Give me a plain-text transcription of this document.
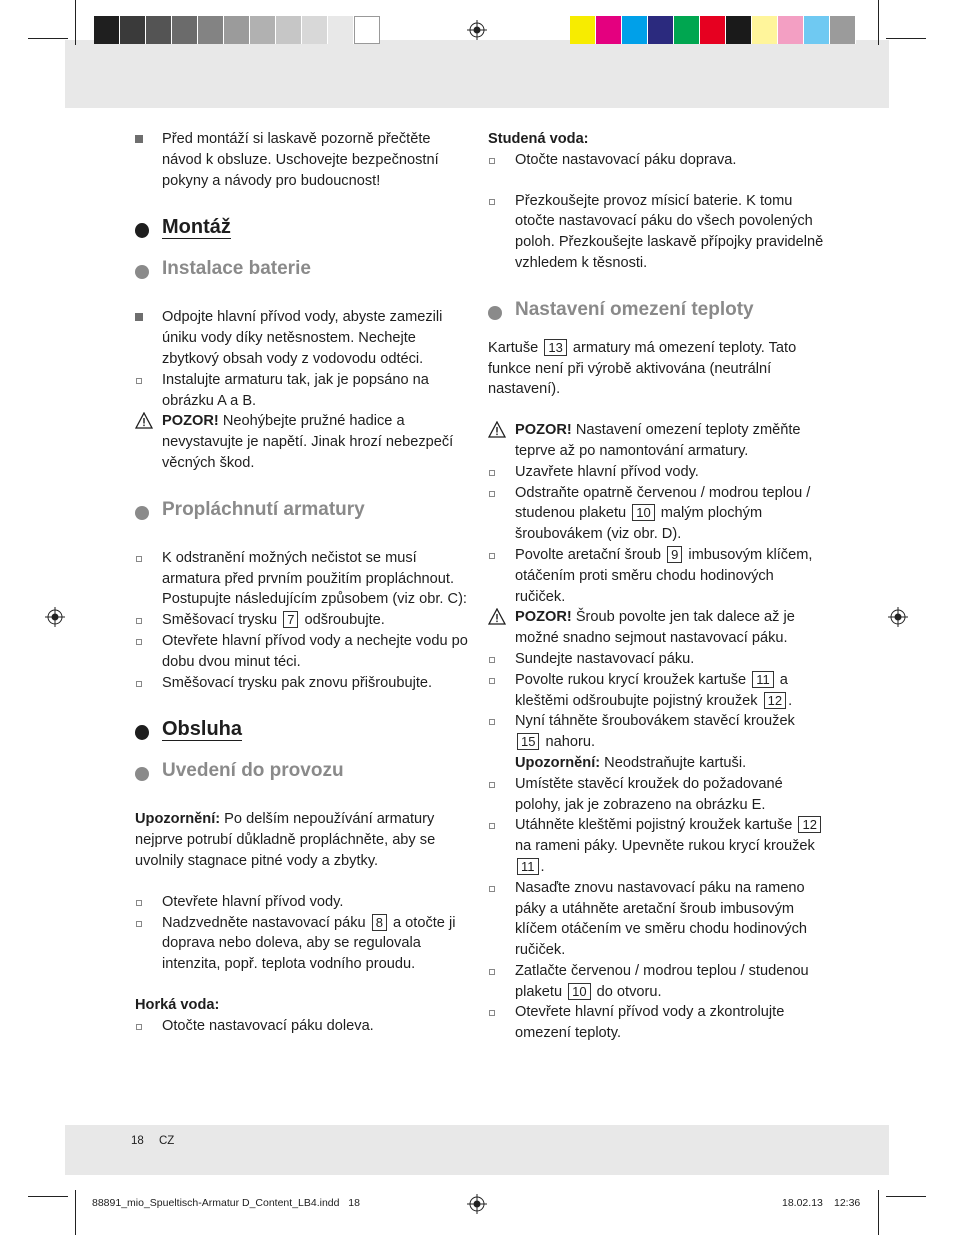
Před montáží si laskavě pozorně přečtěte návod k obsluze. Uschovejte bezpečnostní pokyny a návody pro budoucnost!
Montáž
Instalace baterie
Odpojte hlavní přívod vody, abyste zamezili úniku vody díky netěsnostem. Nechejte zbytkový obsah vody z vodovodu odtéci.
Instalujte armaturu tak, jak je popsáno na obrázku A a B.
POZOR! Neohýbejte pružné hadice a nevystavujte je napětí. Jinak hrozí nebezpečí věcných škod.
Propláchnutí armatury
K odstranění možných nečistot se musí armatura před prvním použitím propláchnout. Postupujte následujícím způsobem (viz obr. C):
Směšovací trysku 7 odšroubujte.
Otevřete hlavní přívod vody a nechejte vodu po dobu dvou minut téci.
Směšovací trysku pak znovu přišroubujte.
Obsluha
Uvedení do provozu

Upozornění: Po delším nepoužívání armatury nejprve potrubí důkladně propláchněte, aby se uvolnily stagnace pitné vody a zbytky.

Otevřete hlavní přívod vody.
Nadzvedněte nastavovací páku 8 a otočte ji doprava nebo doleva, aby se regulovala intenzita, popř. teplota vodního proudu.

Horká voda:

Otočte nastavovací páku doleva.

Studená voda:

Otočte nastavovací páku doprava.
Přezkoušejte provoz mísicí baterie. K tomu otočte nastavovací páku do všech povolených poloh. Přezkoušejte laskavě přípojky pravidelně vzhledem k těsnosti.
Nastavení omezení teploty

Kartuše 13 armatury má omezení teploty. Tato funkce není při výrobě aktivována (neutrální nastavení).

POZOR! Nastavení omezení teploty změňte teprve až po namontování armatury.
Uzavřete hlavní přívod vody.
Odstraňte opatrně červenou / modrou teplou / studenou plaketu 10 malým plochým šroubovákem (viz obr. D).
Povolte aretační šroub 9 imbusovým klíčem, otáčením proti směru chodu hodinových ručiček.
POZOR! Šroub povolte jen tak dalece až je možné snadno sejmout nastavovací páku.
Sundejte nastavovací páku.
Povolte rukou krycí kroužek kartuše 11 a kleštěmi odšroubujte pojistný kroužek 12 .
Nyní táhněte šroubovákem stavěcí kroužek 15 nahoru.
Upozornění: Neodstraňujte kartuši.
Umístěte stavěcí kroužek do požadované polohy, jak je zobrazeno na obrázku E.
Utáhněte kleštěmi pojistný kroužek kartuše 12 na rameni páky. Upevněte rukou krycí kroužek 11 .
Nasaďte znovu nastavovací páku na rameno páky a utáhněte aretační šroub imbusovým klíčem otáčením ve směru chodu hodinových ručiček.
Zatlačte červenou / modrou teplou / studenou plaketu 10 do otvoru.
Otevřete hlavní přívod vody a zkontrolujte omezení teploty.
18 CZ
88891_mio_Spueltisch-Armatur D_Content_LB4.indd   18	18.02.13 12:36
